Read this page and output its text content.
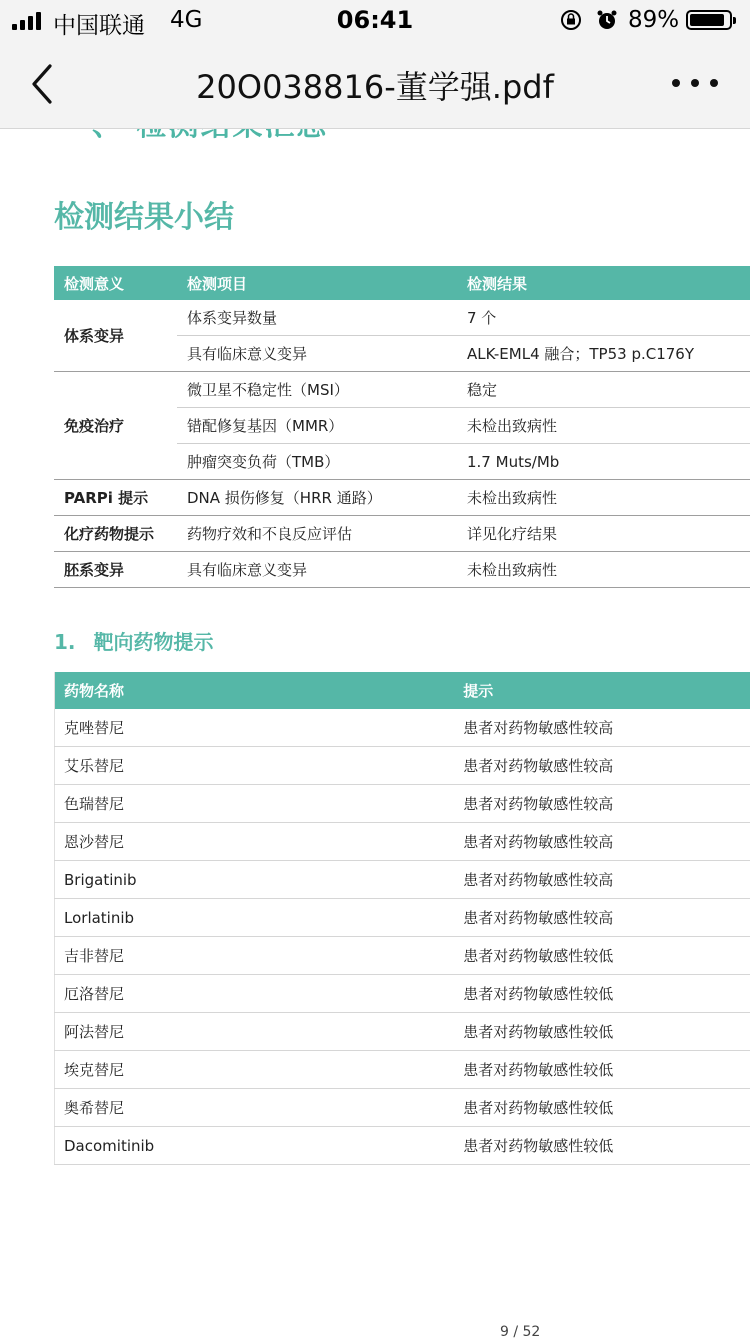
中国联通 4G	06:41	89%
20O038816-董学强.pdf
检测结果小结
检测意义	检测项目	检测结果
体系变异	体系变异数量	7 个
	具有临床意义变异	ALK-EML4 融合；TP53 p.C176Y
免疫治疗	微卫星不稳定性（MSI）	稳定
	错配修复基因（MMR）	未检出致病性
	肿瘤突变负荷（TMB）	1.7 Muts/Mb
PARPi 提示	DNA 损伤修复（HRR 通路）	未检出致病性
化疗药物提示	药物疗效和不良反应评估	详见化疗结果
胚系变异	具有临床意义变异	未检出致病性
1. 靶向药物提示
药物名称	提示
克唑替尼	患者对药物敏感性较高
艾乐替尼	患者对药物敏感性较高
色瑞替尼	患者对药物敏感性较高
恩沙替尼	患者对药物敏感性较高
Brigatinib	患者对药物敏感性较高
Lorlatinib	患者对药物敏感性较高
吉非替尼	患者对药物敏感性较低
厄洛替尼	患者对药物敏感性较低
阿法替尼	患者对药物敏感性较低
埃克替尼	患者对药物敏感性较低
奥希替尼	患者对药物敏感性较低
Dacomitinib	患者对药物敏感性较低
9 / 52
